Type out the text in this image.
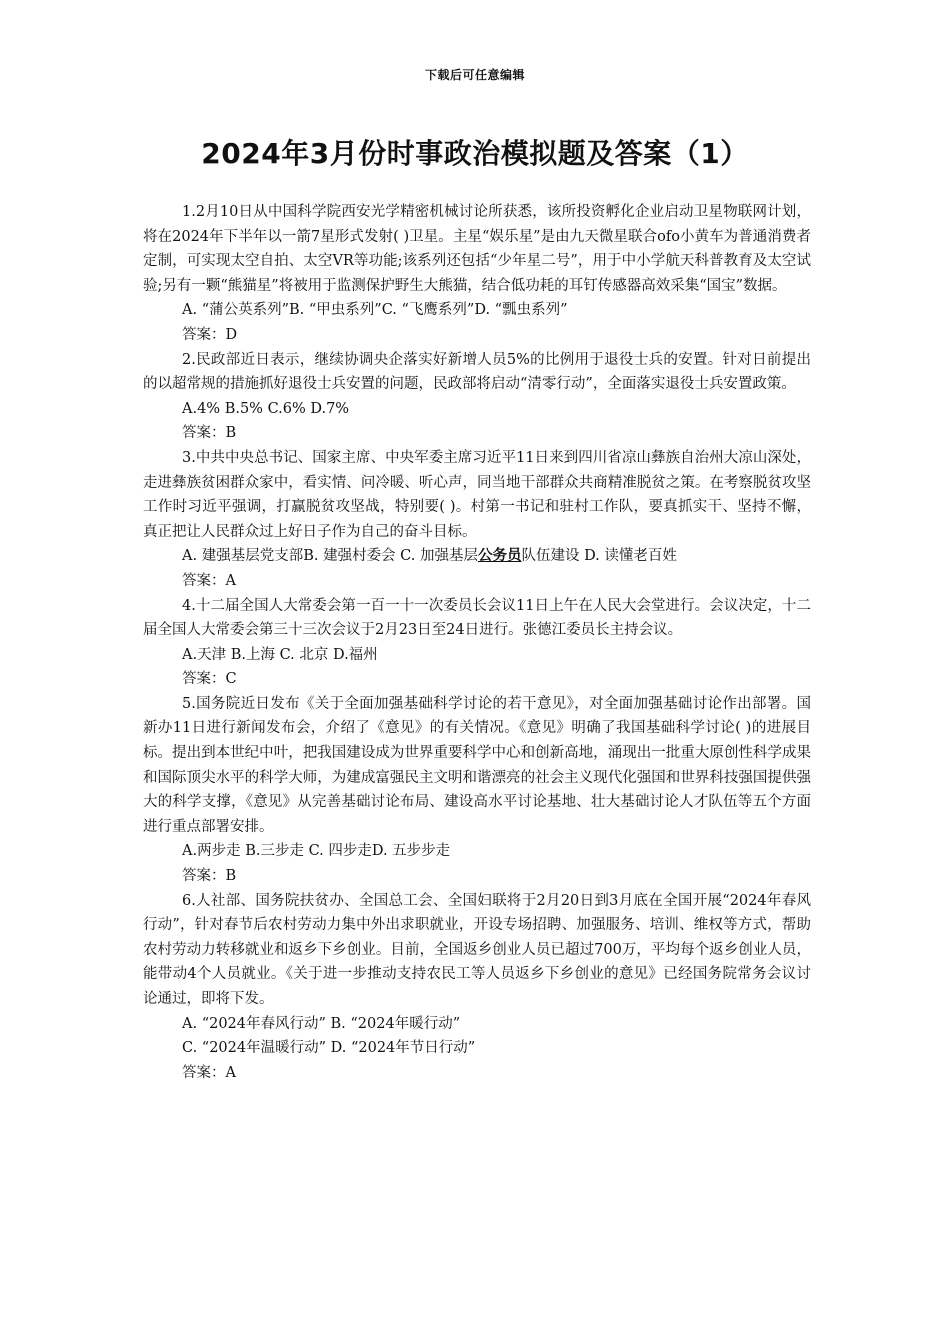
下载后可任意编辑
2024年3月份时事政治模拟题及答案（1）

1.2月10日从中国科学院西安光学精密机械讨论所获悉，该所投资孵化企业启动卫星物联网计划，将在2024年下半年以一箭7星形式发射( )卫星。主星“娱乐星”是由九天微星联合ofo小黄车为普通消费者定制，可实现太空自拍、太空VR等功能;该系列还包括“少年星二号”，用于中小学航天科普教育及太空试验;另有一颗“熊猫星”将被用于监测保护野生大熊猫，结合低功耗的耳钉传感器高效采集“国宝”数据。

A. “蒲公英系列”B. “甲虫系列”C. “飞鹰系列”D. “瓢虫系列”

答案：D

2.民政部近日表示，继续协调央企落实好新增人员5%的比例用于退役士兵的安置。针对日前提出的以超常规的措施抓好退役士兵安置的问题，民政部将启动“清零行动”，全面落实退役士兵安置政策。

A.4% B.5% C.6% D.7%

答案：B

3.中共中央总书记、国家主席、中央军委主席习近平11日来到四川省凉山彝族自治州大凉山深处，走进彝族贫困群众家中，看实情、问冷暖、听心声，同当地干部群众共商精准脱贫之策。在考察脱贫攻坚工作时习近平强调，打赢脱贫攻坚战，特别要( )。村第一书记和驻村工作队，要真抓实干、坚持不懈，真正把让人民群众过上好日子作为自己的奋斗目标。

A. 建强基层党支部B. 建强村委会 C. 加强基层公务员队伍建设 D. 读懂老百姓

答案：A

4.十二届全国人大常委会第一百一十一次委员长会议11日上午在人民大会堂进行。会议决定，十二届全国人大常委会第三十三次会议于2月23日至24日进行。张德江委员长主持会议。

A.天津 B.上海 C. 北京 D.福州

答案：C

5.国务院近日发布《关于全面加强基础科学讨论的若干意见》，对全面加强基础讨论作出部署。国新办11日进行新闻发布会，介绍了《意见》的有关情况。《意见》明确了我国基础科学讨论( )的进展目标。提出到本世纪中叶，把我国建设成为世界重要科学中心和创新高地，涌现出一批重大原创性科学成果和国际顶尖水平的科学大师，为建成富强民主文明和谐漂亮的社会主义现代化强国和世界科技强国提供强大的科学支撑，《意见》从完善基础讨论布局、建设高水平讨论基地、壮大基础讨论人才队伍等五个方面进行重点部署安排。

A.两步走 B.三步走 C. 四步走D. 五步步走

答案：B

6.人社部、国务院扶贫办、全国总工会、全国妇联将于2月20日到3月底在全国开展“2024年春风行动”，针对春节后农村劳动力集中外出求职就业，开设专场招聘、加强服务、培训、维权等方式，帮助农村劳动力转移就业和返乡下乡创业。目前，全国返乡创业人员已超过700万，平均每个返乡创业人员，能带动4个人员就业。《关于进一步推动支持农民工等人员返乡下乡创业的意见》已经国务院常务会议讨论通过，即将下发。

A. “2024年春风行动” B. “2024年暖行动”

C. “2024年温暖行动” D. “2024年节日行动”

答案：A
